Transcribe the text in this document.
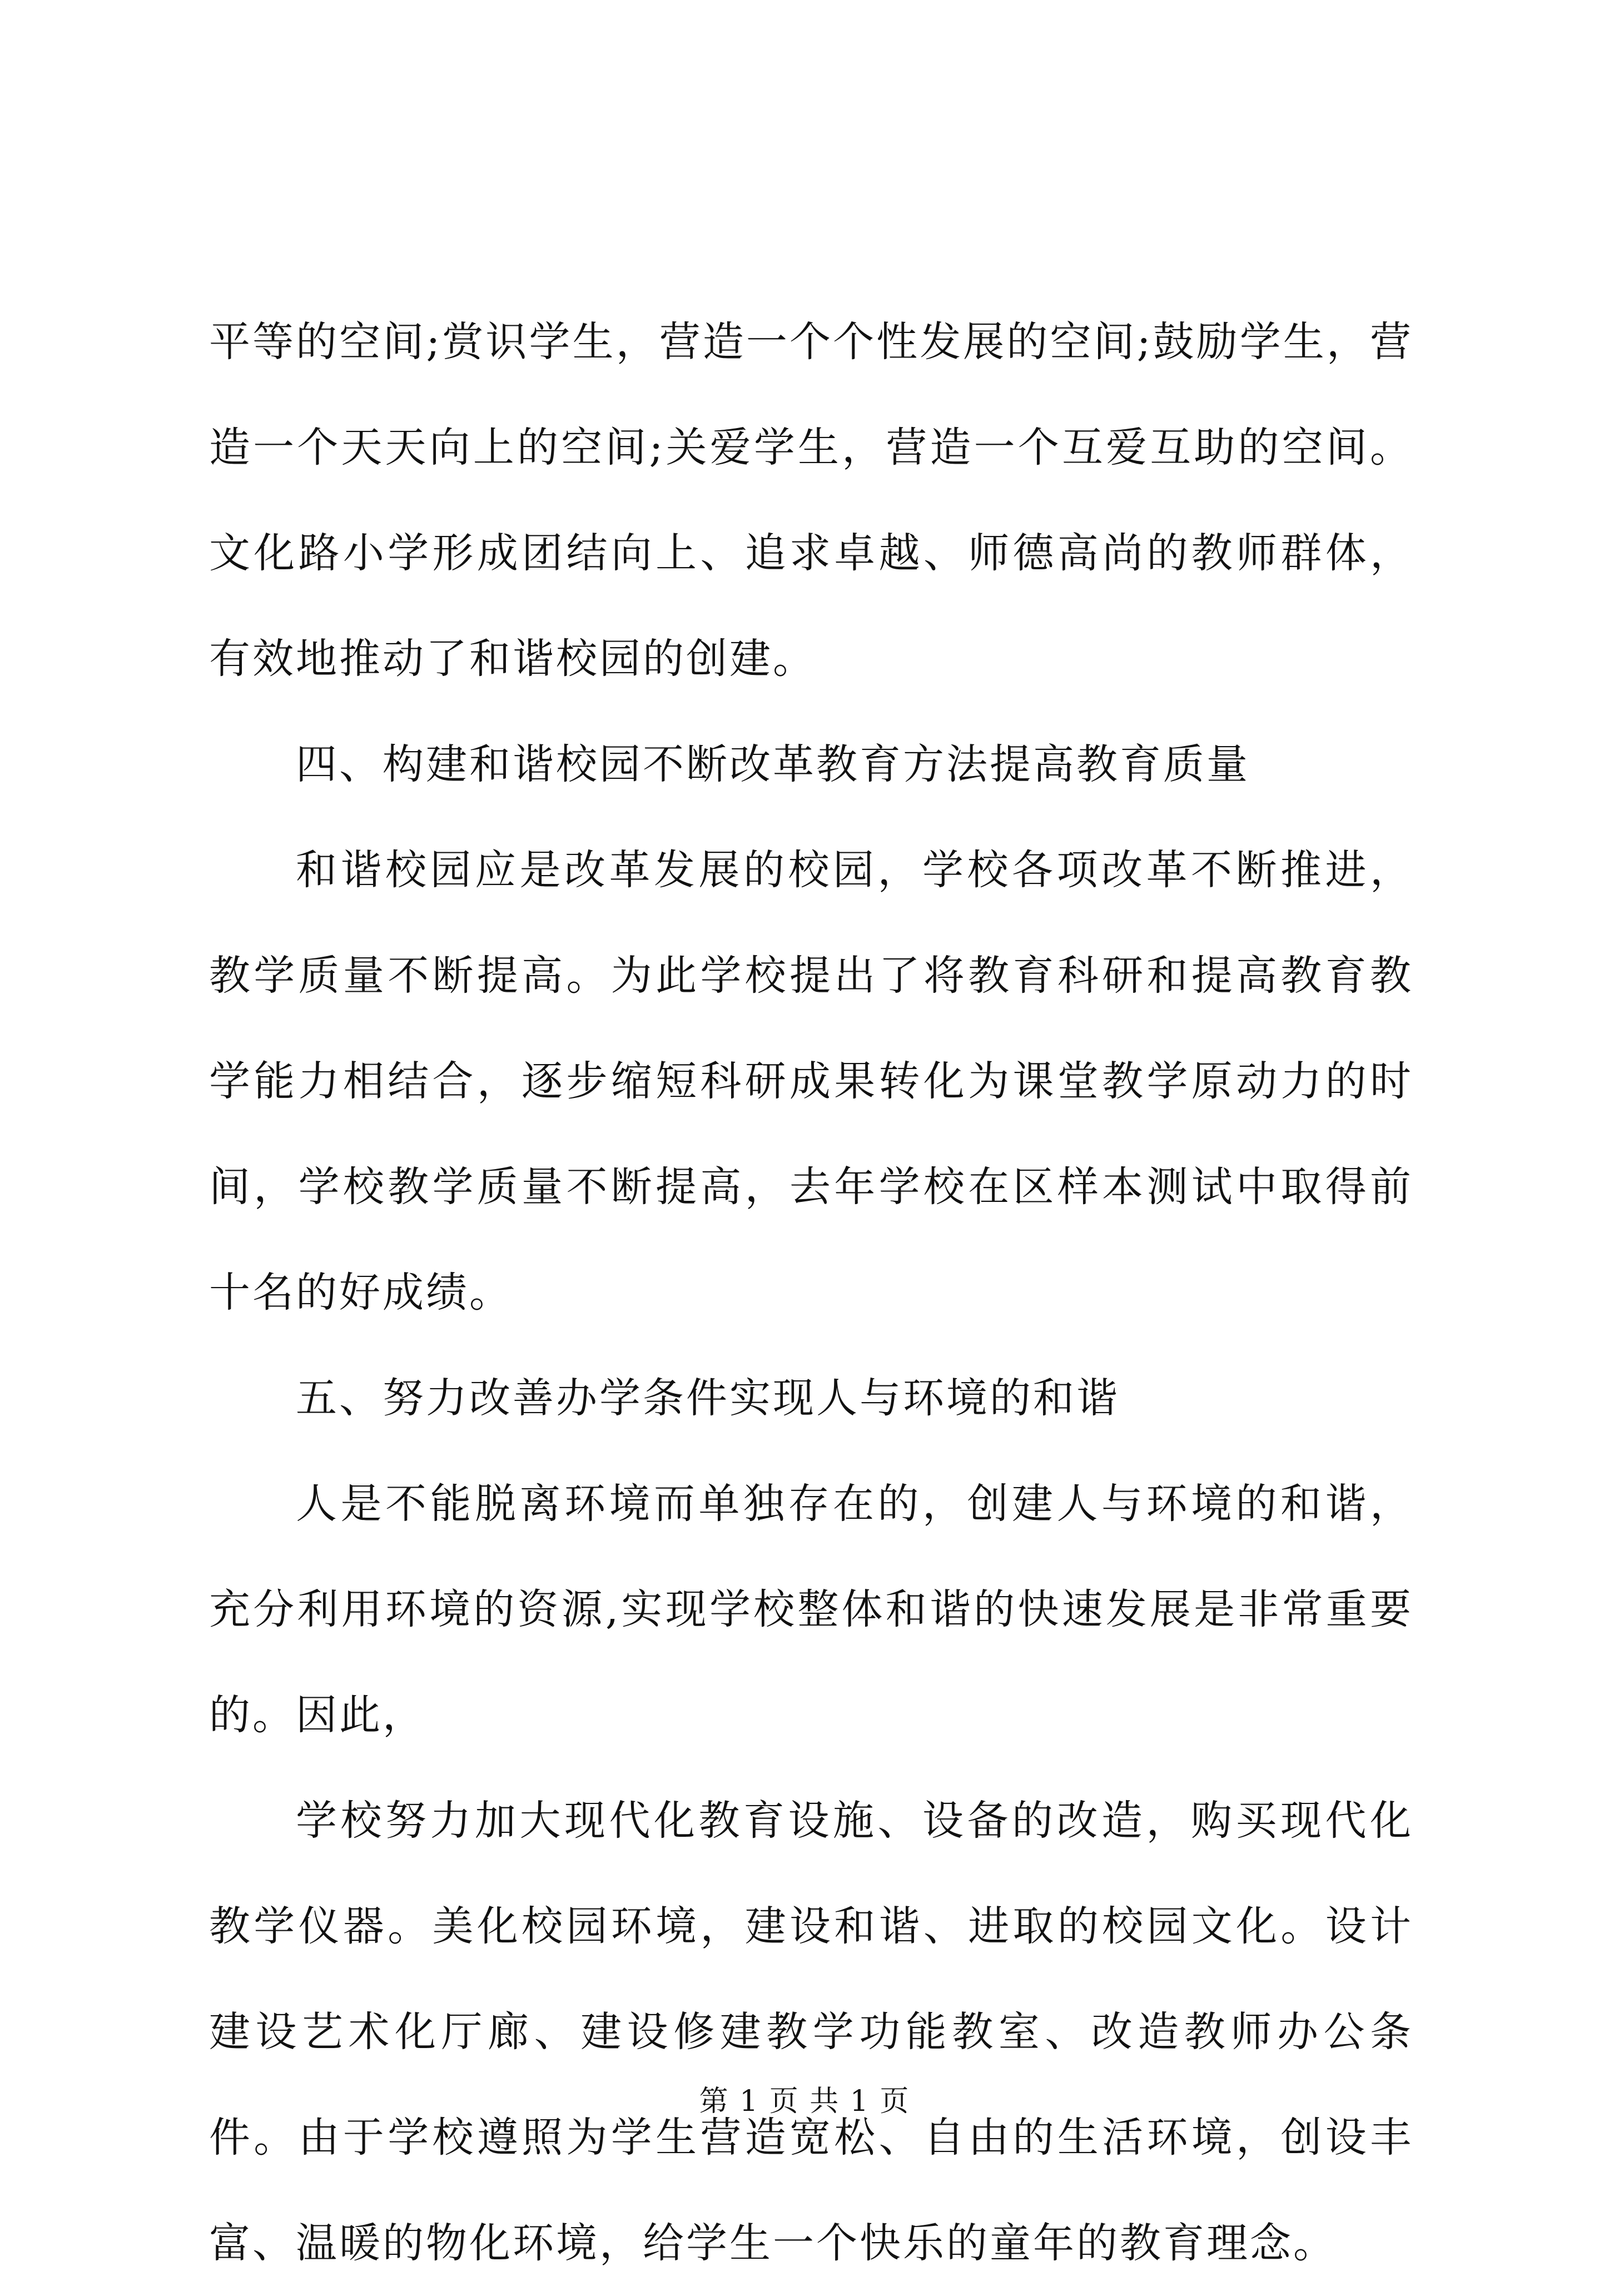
平等的空间;赏识学生，营造一个个性发展的空间;鼓励学生，营造一个天天向上的空间;关爱学生，营造一个互爱互助的空间。文化路小学形成团结向上、追求卓越、师德高尚的教师群体，有效地推动了和谐校园的创建。

四、构建和谐校园不断改革教育方法提高教育质量

和谐校园应是改革发展的校园，学校各项改革不断推进，教学质量不断提高。为此学校提出了将教育科研和提高教育教学能力相结合，逐步缩短科研成果转化为课堂教学原动力的时间，学校教学质量不断提高，去年学校在区样本测试中取得前十名的好成绩。

五、努力改善办学条件实现人与环境的和谐

人是不能脱离环境而单独存在的，创建人与环境的和谐，充分利用环境的资源,实现学校整体和谐的快速发展是非常重要的。因此，

学校努力加大现代化教育设施、设备的改造，购买现代化教学仪器。美化校园环境，建设和谐、进取的校园文化。设计建设艺术化厅廊、建设修建教学功能教室、改造教师办公条件。由于学校遵照为学生营造宽松、自由的生活环境，创设丰富、温暖的物化环境，给学生一个快乐的童年的教育理念。

第 1 页 共 1 页
